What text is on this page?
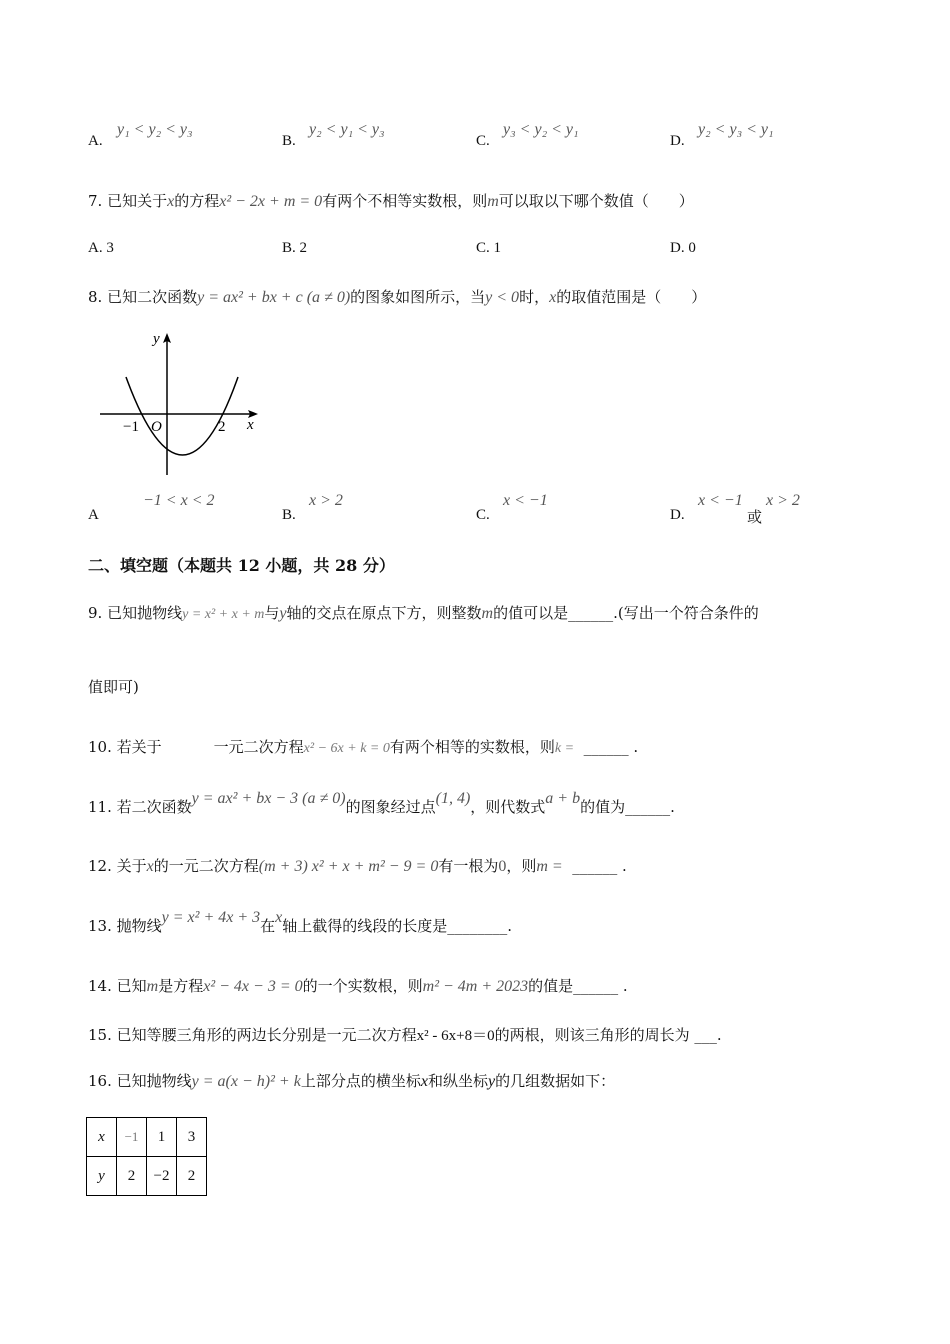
A.
y₁ < y₂ < y₃
B.
y₂ < y₁ < y₃
C.
y₃ < y₂ < y₁
D.
y₂ < y₃ < y₁
7. 已知关于x的方程x² − 2x + m = 0有两个不相等实数根，则m可以取以下哪个数值（　　）
A. 3	B. 2	C. 1	D. 0
8. 已知二次函数y = ax² + bx + c (a ≠ 0)的图象如图所示，当y < 0时，x的取值范围是（　　）
y
x
O
−1	2
A
−1 < x < 2
B.
x > 2
C.
x < −1
D.
x < −1
或
x > 2
二、填空题（本题共 12 小题，共 28 分）
9. 已知抛物线y = x² + x + m与y轴的交点在原点下方，则整数m的值可以是______.(写出一个符合条件的
值即可)
10. 若关于	一元二次方程x² − 6x + k = 0有两个相等的实数根，则k = ______ .
11. 若二次函数y = ax² + bx − 3 (a ≠ 0)的图象经过点(1, 4)，则代数式a + b的值为______.
12. 关于x的一元二次方程(m + 3) x² + x + m² − 9 = 0有一根为0，则m = ______ .
13. 抛物线y = x² + 4x + 3在x轴上截得的线段的长度是________.
14. 已知m是方程x² − 4x − 3 = 0的一个实数根，则m² − 4m + 2023的值是______ .
15. 已知等腰三角形的两边长分别是一元二次方程x² - 6x+8＝0的两根，则该三角形的周长为 ___.
16. 已知抛物线y = a(x − h)² + k上部分点的横坐标x和纵坐标y的几组数据如下：
x	−1	1	3
y	2	−2	2
